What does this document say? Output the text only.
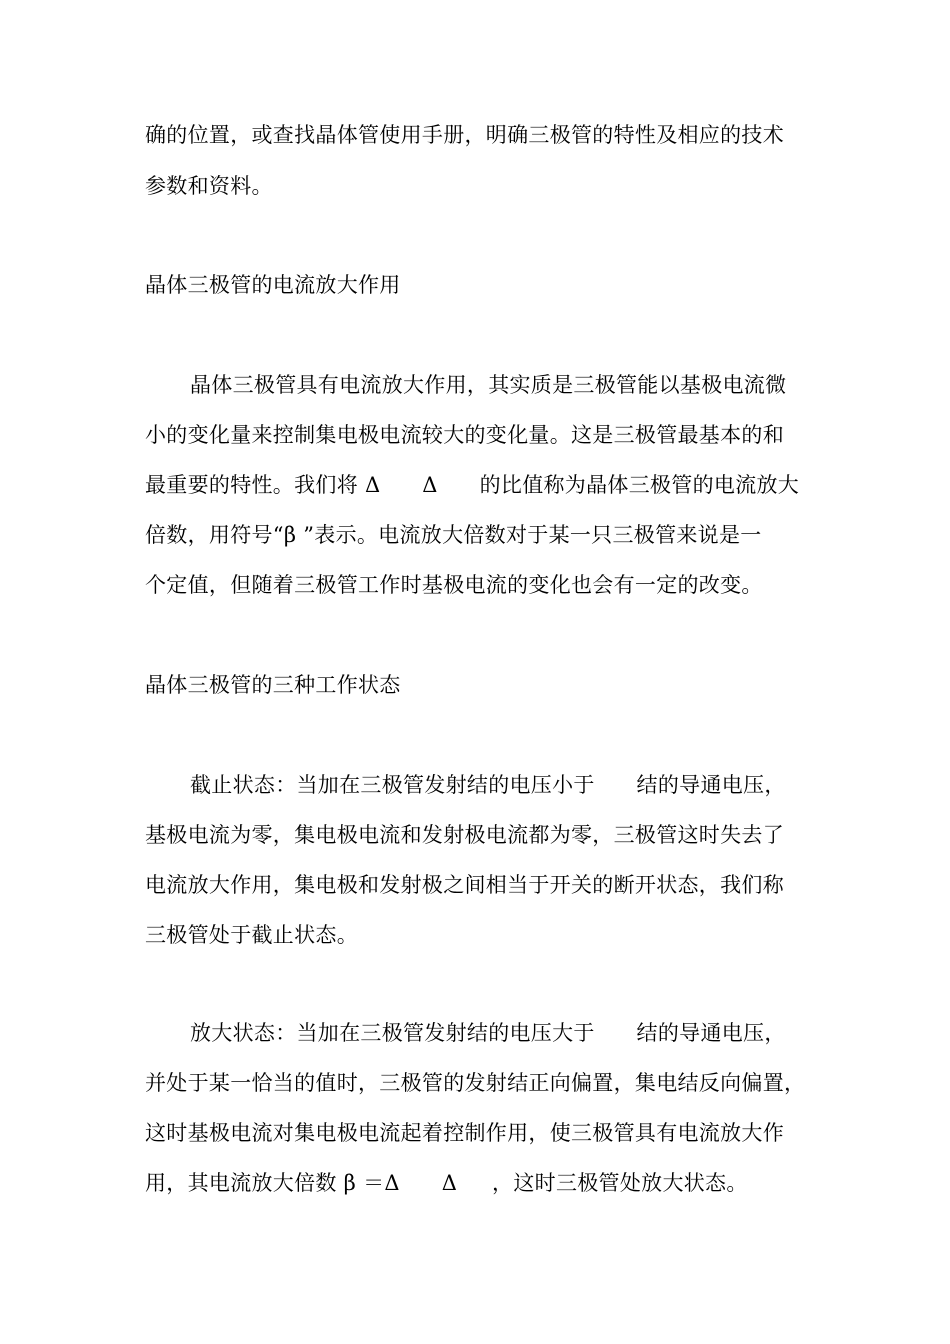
确的位置，或查找晶体管使用手册，明确三极管的特性及相应的技术
参数和资料。
晶体三极管的电流放大作用
晶体三极管具有电流放大作用，其实质是三极管能以基极电流微
小的变化量来控制集电极电流较大的变化量。这是三极管最基本的和
最重要的特性。我们将 Δ      Δ      的比值称为晶体三极管的电流放大
倍数，用符号“β ”表示。电流放大倍数对于某一只三极管来说是一
个定值，但随着三极管工作时基极电流的变化也会有一定的改变。
晶体三极管的三种工作状态
截止状态：当加在三极管发射结的电压小于      结的导通电压，
基极电流为零，集电极电流和发射极电流都为零，三极管这时失去了
电流放大作用，集电极和发射极之间相当于开关的断开状态，我们称
三极管处于截止状态。
放大状态：当加在三极管发射结的电压大于      结的导通电压，
并处于某一恰当的值时，三极管的发射结正向偏置，集电结反向偏置，
这时基极电流对集电极电流起着控制作用，使三极管具有电流放大作
用，其电流放大倍数 β ＝Δ      Δ     ，这时三极管处放大状态。
